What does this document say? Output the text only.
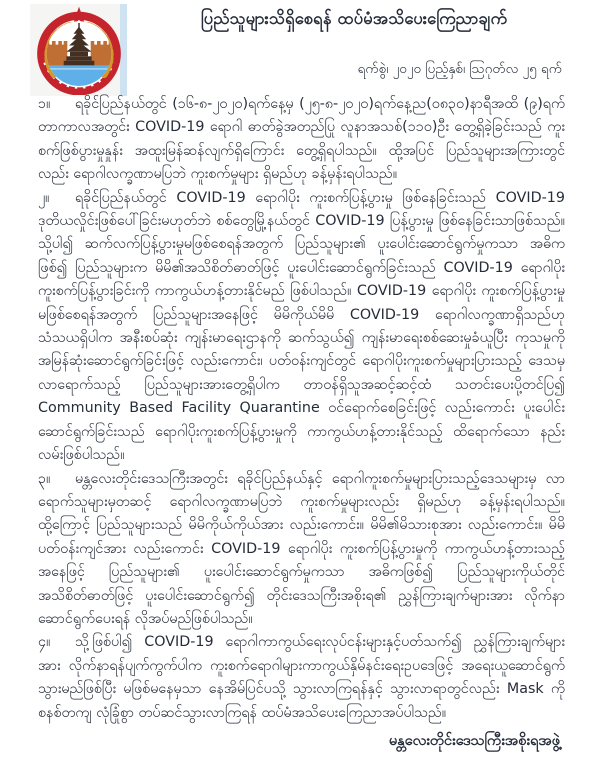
ပြည်သူများသိရှိစေရန် ထပ်မံအသိပေးကြေညာချက်
ရက်စွဲ၊ ၂၀၂၀ ပြည့်နှစ်၊ ဩဂုတ်လ ၂၅ ရက်

၁။ ရခိုင်ပြည်နယ်တွင် (၁၆-၈-၂၀၂၀)ရက်နေ့မှ (၂၅-၈-၂၀၂၀)ရက်နေ့ည(၀၈၃၀)နာရီအထိ (၉)ရက်တာကာလအတွင်း COVID-19 ရောဂါ ဓာတ်ခွဲအတည်ပြု လူနာအသစ်(၁၁၀)ဦး တွေ့ရှိခဲ့ခြင်းသည် ကူးစက်ဖြစ်ပွားမှုနှုန်း အထူးမြန်ဆန်လျက်ရှိကြောင်း တွေ့ရှိရပါသည်။ ထို့အပြင် ပြည်သူများအကြားတွင်လည်း ရောဂါလက္ခဏာမပြဘဲ ကူးစက်မှုများ ရှိမည်ဟု ခန့်မှန်းရပါသည်။

၂။ ရခိုင်ပြည်နယ်တွင် COVID-19 ရောဂါပိုး ကူးစက်ပြန့်ပွားမှု ဖြစ်နေခြင်းသည် COVID-19 ဒုတိယလှိုင်းဖြစ်ပေါ်ခြင်းမဟုတ်ဘဲ စစ်တွေမြို့နယ်တွင် COVID-19 ပြန့်ပွားမှု ဖြစ်နေခြင်းသာဖြစ်သည်။ သို့ပါ၍ ဆက်လက်ပြန့်ပွားမှုမဖြစ်စေရန်အတွက် ပြည်သူများ၏ ပူးပေါင်းဆောင်ရွက်မှုကသာ အဓိကဖြစ်၍ ပြည်သူများက မိမိ၏အသိစိတ်ဓာတ်ဖြင့် ပူးပေါင်းဆောင်ရွက်ခြင်းသည် COVID-19 ရောဂါပိုး ကူးစက်ပြန့်ပွားခြင်းကို ကာကွယ်ဟန့်တားနိုင်မည် ဖြစ်ပါသည်။ COVID-19 ရောဂါပိုး ကူးစက်ပြန့်ပွားမှု မဖြစ်စေရန်အတွက် ပြည်သူများအနေဖြင့် မိမိကိုယ်မိမိ COVID-19 ရောဂါလက္ခဏာရှိသည်ဟု သံသယရှိပါက အနီးစပ်ဆုံး ကျန်းမာရေးဌာနကို ဆက်သွယ်၍ ကျန်းမာရေးစစ်ဆေးမှုခံယူပြီး ကုသမှုကို အမြန်ဆုံးဆောင်ရွက်ခြင်းဖြင့် လည်းကောင်း၊ ပတ်ဝန်းကျင်တွင် ရောဂါပိုးကူးစက်မှုများပြားသည့် ဒေသမှလာရောက်သည့် ပြည်သူများအားတွေ့ရှိပါက တာဝန်ရှိသူအဆင့်ဆင့်ထံ သတင်းပေးပို့တင်ပြ၍ Community Based Facility Quarantine ဝင်ရောက်စေခြင်းဖြင့် လည်းကောင်း ပူးပေါင်းဆောင်ရွက်ခြင်းသည် ရောဂါပိုးကူးစက်ပြန့်ပွားမှုကို ကာကွယ်ဟန့်တားနိုင်သည့် ထိရောက်သော နည်းလမ်းဖြစ်ပါသည်။

၃။ မန္တလေးတိုင်းဒေသကြီးအတွင်း ရခိုင်ပြည်နယ်နှင့် ရောဂါကူးစက်မှုများပြားသည့်ဒေသများမှ လာရောက်သူများမှတဆင့် ရောဂါလက္ခဏာမပြဘဲ ကူးစက်မှုများလည်း ရှိမည်ဟု ခန့်မှန်းရပါသည်။ ထို့ကြောင့် ပြည်သူများသည် မိမိကိုယ်ကိုယ်အား လည်းကောင်း။ မိမိ၏မိသားစုအား လည်းကောင်း။ မိမိပတ်ဝန်းကျင်အား လည်းကောင်း COVID-19 ရောဂါပိုး ကူးစက်ပြန့်ပွားမှုကို ကာကွယ်ဟန့်တားသည့် အနေဖြင့် ပြည်သူများ၏ ပူးပေါင်းဆောင်ရွက်မှုကသာ အဓိကဖြစ်၍ ပြည်သူများကိုယ်တိုင် အသိစိတ်ဓာတ်ဖြင့် ပူးပေါင်းဆောင်ရွက်၍ တိုင်းဒေသကြီးအစိုးရ၏ ညွှန်ကြားချက်များအား လိုက်နာဆောင်ရွက်ပေးရန် လိုအပ်မည်ဖြစ်ပါသည်။

၄။ သို့ဖြစ်ပါ၍ COVID-19 ရောဂါကာကွယ်ရေးလုပ်ငန်းများနှင့်ပတ်သက်၍ ညွှန်ကြားချက်များအား လိုက်နာရန်ပျက်ကွက်ပါက ကူးစက်ရောဂါများကာကွယ်နှိမ်နင်းရေးဥပဒေဖြင့် အရေးယူဆောင်ရွက်သွားမည်ဖြစ်ပြီး မဖြစ်မနေမှသာ နေအိမ်ပြင်ပသို့ သွားလာကြရန်နှင့် သွားလာရာတွင်လည်း Mask ကို စနစ်တကျ လုံခြုံစွာ တပ်ဆင်သွားလာကြရန် ထပ်မံအသိပေးကြေညာအပ်ပါသည်။

မန္တလေးတိုင်းဒေသကြီးအစိုးရအဖွဲ့
